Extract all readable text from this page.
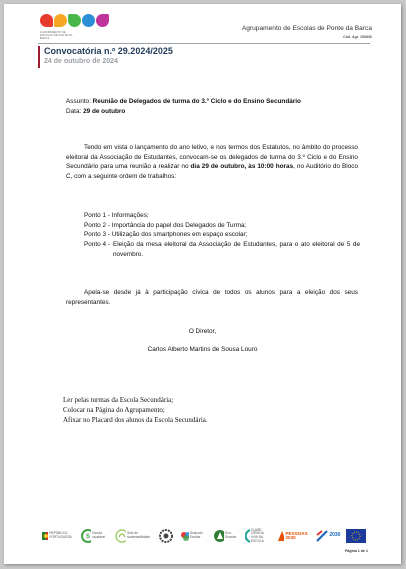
AGRUPAMENTO DE ESCOLAS DE PONTE DA BARCA
Agrupamento de Escolas de Ponte da Barca
Cód. Agr. 150836
Convocatória n.º 29.2024/2025
24 de outubro de 2024
Assunto: Reunião de Delegados de turma do 3.º Ciclo e do Ensino Secundário
Data: 29 de outubro
Tendo em vista o lançamento do ano letivo, e nos termos dos Estatutos, no âmbito do processo eleitoral da Associação de Estudantes, convocam-se os delegados de turma do 3.º Ciclo e do Ensino Secundário para uma reunião a realizar no dia 29 de outubro, às 10:00 horas, no Auditório do Bloco C, com a seguinte ordem de trabalhos:

Ponto 1 - Informações;

Ponto 2 - Importância do papel dos Delegados de Turma;

Ponto 3 - Utilização dos smartphones em espaço escolar;

Ponto 4 - Eleição da mesa eleitoral da Associação de Estudantes, para o ato eleitoral de 5 de novembro.
Apela-se desde já à participação cívica de todos os alunos para a eleição dos seus representantes.
O Diretor,
Carlos Alberto Martins de Sousa Louro
Ler pelas turmas da Escola Secundária;
Colocar na Página do Agrupamento;
Afixar no Placard dos alunos da Escola Secundária.
REPÚBLICA PORTUGUESA	S
Escola saudável
Selo de sustentabilidade
Desporto Escolar
Eco-Escolas
CLUBE CIÊNCIA VIVA NA ESCOLA
PESSOAS 2030	2030
Página 1 de 1
